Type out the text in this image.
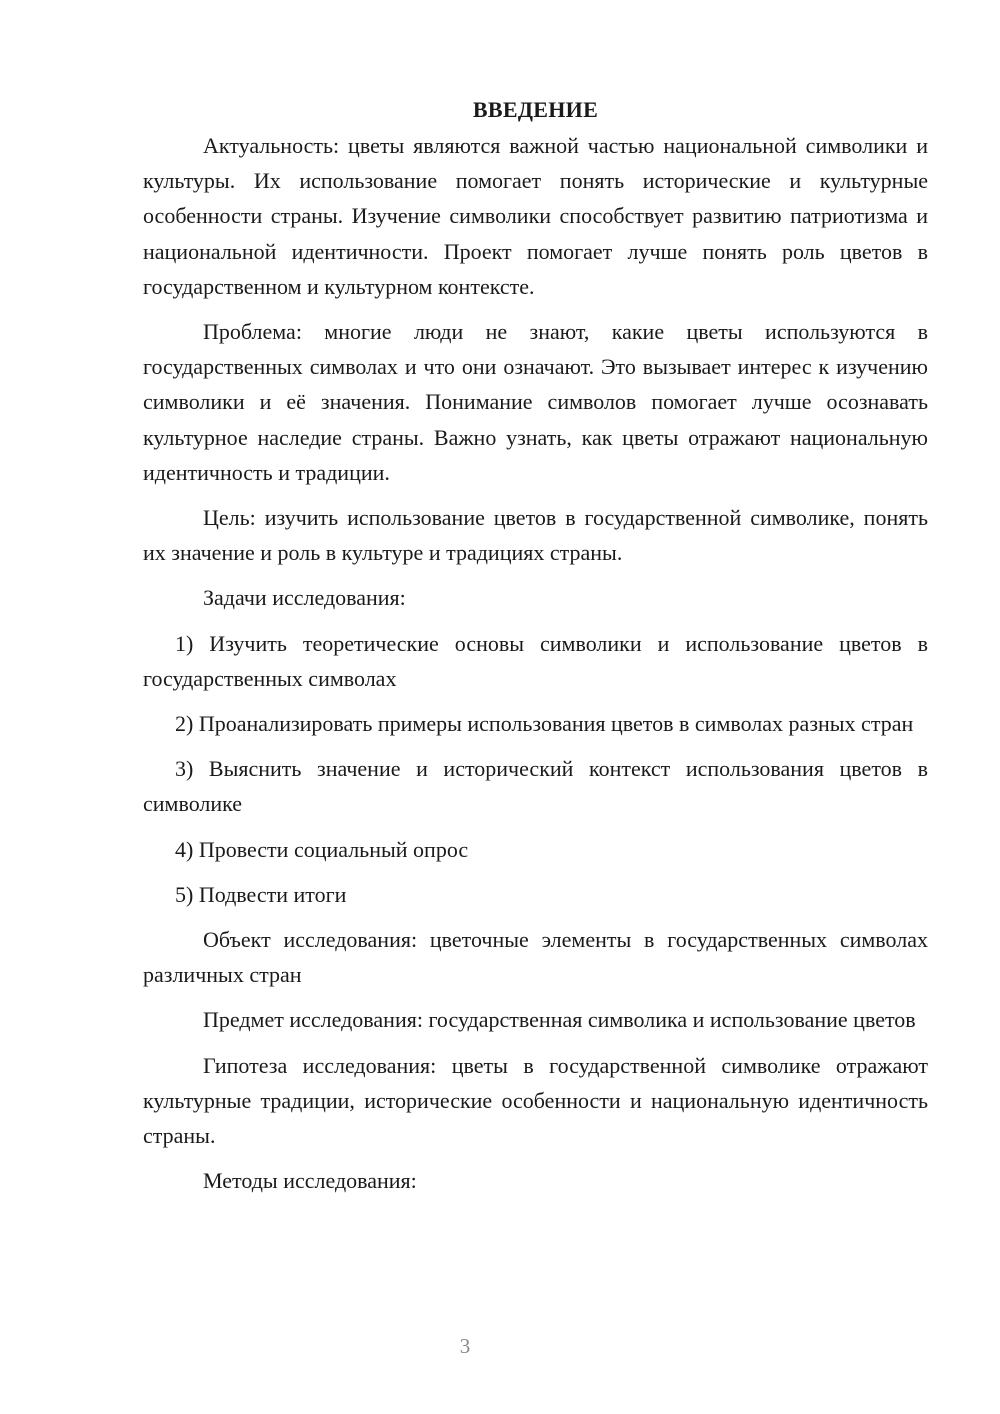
ВВЕДЕНИЕ

Актуальность: цветы являются важной частью национальной символики и культуры. Их использование помогает понять исторические и культурные особенности страны. Изучение символики способствует развитию патриотизма и национальной идентичности. Проект помогает лучше понять роль цветов в государственном и культурном контексте.

Проблема: многие люди не знают, какие цветы используются в государственных символах и что они означают. Это вызывает интерес к изучению символики и её значения. Понимание символов помогает лучше осознавать культурное наследие страны. Важно узнать, как цветы отражают национальную идентичность и традиции.

Цель: изучить использование цветов в государственной символике, понять их значение и роль в культуре и традициях страны.

Задачи исследования:

1) Изучить теоретические основы символики и использование цветов в государственных символах

2) Проанализировать примеры использования цветов в символах разных стран

3) Выяснить значение и исторический контекст использования цветов в символике

4) Провести социальный опрос

5) Подвести итоги

Объект исследования: цветочные элементы в государственных символах различных стран

Предмет исследования: государственная символика и использование цветов

Гипотеза исследования: цветы в государственной символике отражают культурные традиции, исторические особенности и национальную идентичность страны.

Методы исследования:

3
